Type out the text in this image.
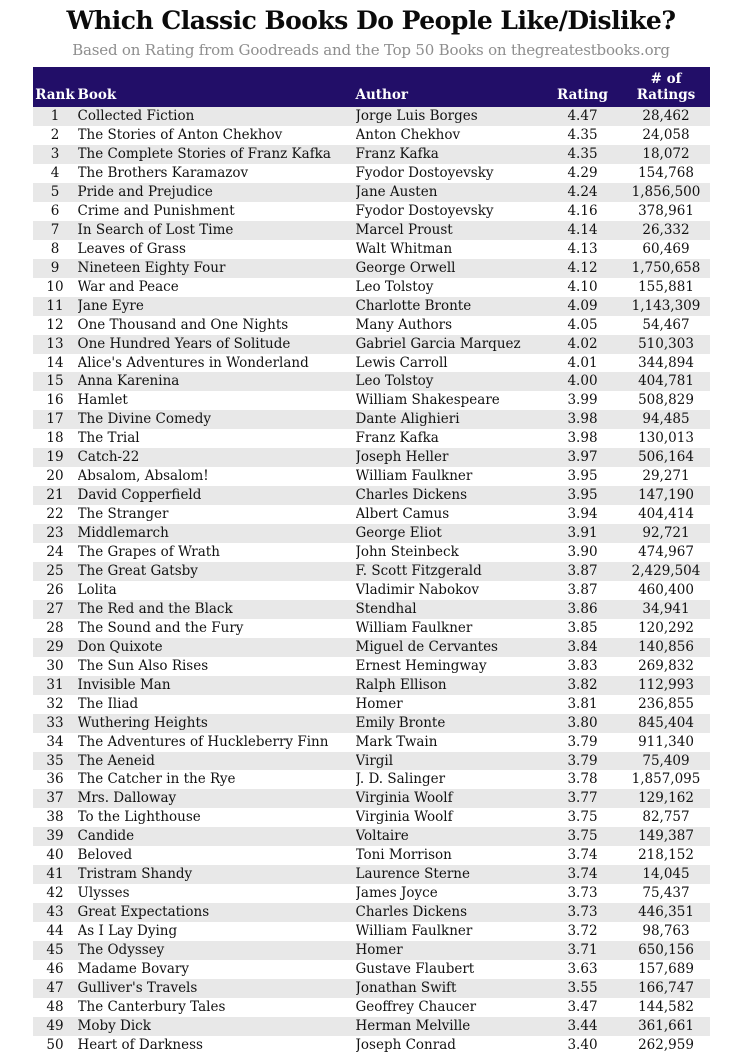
Which Classic Books Do People Like/Dislike?
Based on Rating from Goodreads and the Top 50 Books on thegreatestbooks.org
Rank	Book	Author	Rating	# of Ratings
1	Collected Fiction	Jorge Luis Borges	4.47	28,462
2	The Stories of Anton Chekhov	Anton Chekhov	4.35	24,058
3	The Complete Stories of Franz Kafka	Franz Kafka	4.35	18,072
4	The Brothers Karamazov	Fyodor Dostoyevsky	4.29	154,768
5	Pride and Prejudice	Jane Austen	4.24	1,856,500
6	Crime and Punishment	Fyodor Dostoyevsky	4.16	378,961
7	In Search of Lost Time	Marcel Proust	4.14	26,332
8	Leaves of Grass	Walt Whitman	4.13	60,469
9	Nineteen Eighty Four	George Orwell	4.12	1,750,658
10	War and Peace	Leo Tolstoy	4.10	155,881
11	Jane Eyre	Charlotte Bronte	4.09	1,143,309
12	One Thousand and One Nights	Many Authors	4.05	54,467
13	One Hundred Years of Solitude	Gabriel Garcia Marquez	4.02	510,303
14	Alice's Adventures in Wonderland	Lewis Carroll	4.01	344,894
15	Anna Karenina	Leo Tolstoy	4.00	404,781
16	Hamlet	William Shakespeare	3.99	508,829
17	The Divine Comedy	Dante Alighieri	3.98	94,485
18	The Trial	Franz Kafka	3.98	130,013
19	Catch-22	Joseph Heller	3.97	506,164
20	Absalom, Absalom!	William Faulkner	3.95	29,271
21	David Copperfield	Charles Dickens	3.95	147,190
22	The Stranger	Albert Camus	3.94	404,414
23	Middlemarch	George Eliot	3.91	92,721
24	The Grapes of Wrath	John Steinbeck	3.90	474,967
25	The Great Gatsby	F. Scott Fitzgerald	3.87	2,429,504
26	Lolita	Vladimir Nabokov	3.87	460,400
27	The Red and the Black	Stendhal	3.86	34,941
28	The Sound and the Fury	William Faulkner	3.85	120,292
29	Don Quixote	Miguel de Cervantes	3.84	140,856
30	The Sun Also Rises	Ernest Hemingway	3.83	269,832
31	Invisible Man	Ralph Ellison	3.82	112,993
32	The Iliad	Homer	3.81	236,855
33	Wuthering Heights	Emily Bronte	3.80	845,404
34	The Adventures of Huckleberry Finn	Mark Twain	3.79	911,340
35	The Aeneid	Virgil	3.79	75,409
36	The Catcher in the Rye	J. D. Salinger	3.78	1,857,095
37	Mrs. Dalloway	Virginia Woolf	3.77	129,162
38	To the Lighthouse	Virginia Woolf	3.75	82,757
39	Candide	Voltaire	3.75	149,387
40	Beloved	Toni Morrison	3.74	218,152
41	Tristram Shandy	Laurence Sterne	3.74	14,045
42	Ulysses	James Joyce	3.73	75,437
43	Great Expectations	Charles Dickens	3.73	446,351
44	As I Lay Dying	William Faulkner	3.72	98,763
45	The Odyssey	Homer	3.71	650,156
46	Madame Bovary	Gustave Flaubert	3.63	157,689
47	Gulliver's Travels	Jonathan Swift	3.55	166,747
48	The Canterbury Tales	Geoffrey Chaucer	3.47	144,582
49	Moby Dick	Herman Melville	3.44	361,661
50	Heart of Darkness	Joseph Conrad	3.40	262,959
